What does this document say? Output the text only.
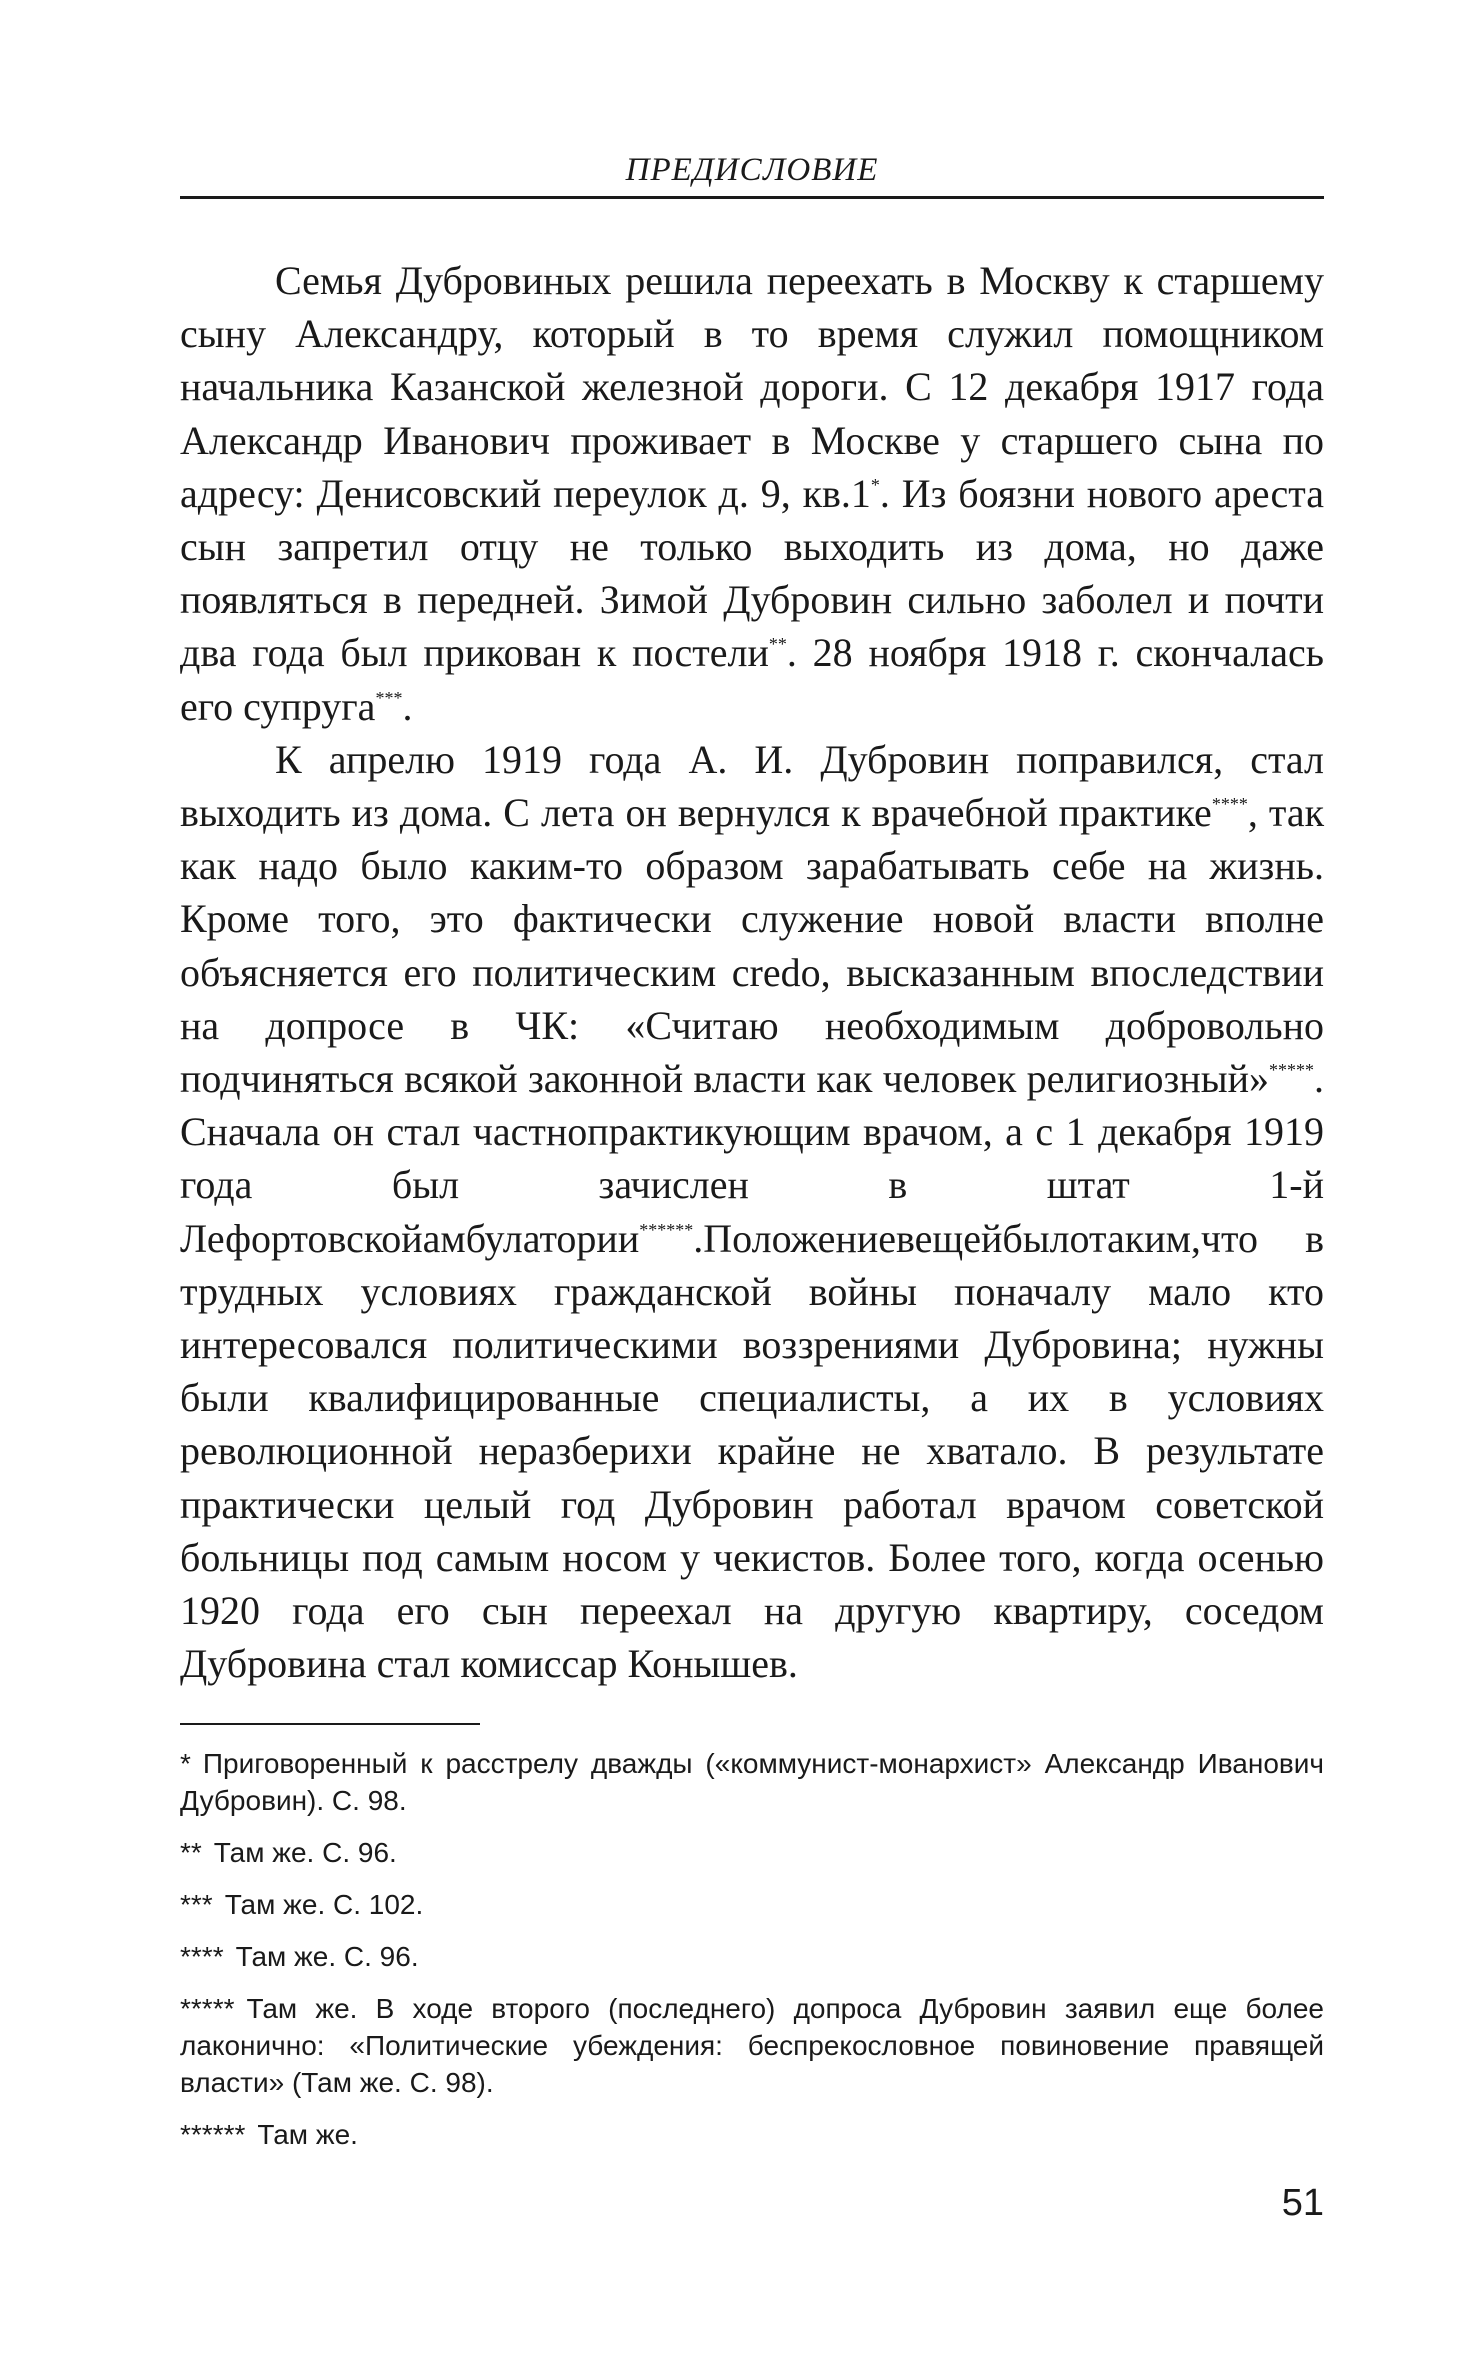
ПРЕДИСЛОВИЕ

Семья Дубровиных решила переехать в Москву к старшему сыну Александру, который в то время служил помощником начальника Казанской железной дороги. С 12 декабря 1917 года Александр Иванович проживает в Москве у старшего сына по адресу: Денисовский переулок д. 9, кв.1*. Из боязни нового ареста сын запретил отцу не только выходить из дома, но даже появляться в передней. Зимой Дубровин сильно заболел и почти два года был прикован к постели**. 28 ноября 1918 г. скончалась его супруга***.

К апрелю 1919 года А. И. Дубровин поправился, стал выходить из дома. С лета он вернулся к врачебной практике****, так как надо было каким-то образом зарабатывать себе на жизнь. Кроме того, это фактически служение новой власти вполне объясняется его политическим credo, высказанным впоследствии на допросе в ЧК: «Считаю необходимым добровольно подчиняться всякой законной власти как человек религиозный»*****. Сначала он стал частнопрактикующим врачом, а с 1 декабря 1919 года был зачислен в штат 1-й Лефортовскойамбулатории******.Положениевещейбылотаким,что в трудных условиях гражданской войны поначалу мало кто интересовался политическими воззрениями Дубровина; нужны были квалифицированные специалисты, а их в условиях революционной неразберихи крайне не хватало. В результате практически целый год Дубровин работал врачом советской больницы под самым носом у чекистов. Более того, когда осенью 1920 года его сын переехал на другую квартиру, соседом Дубровина стал комиссар Конышев.

* Приговоренный к расстрелу дважды («коммунист-монархист» Александр Иванович Дубровин). С. 98.
** Там же. С. 96.
*** Там же. С. 102.
**** Там же. С. 96.
***** Там же. В ходе второго (последнего) допроса Дубровин заявил еще более лаконично: «Политические убеждения: беспрекословное повиновение правящей власти» (Там же. С. 98).
****** Там же.
51
